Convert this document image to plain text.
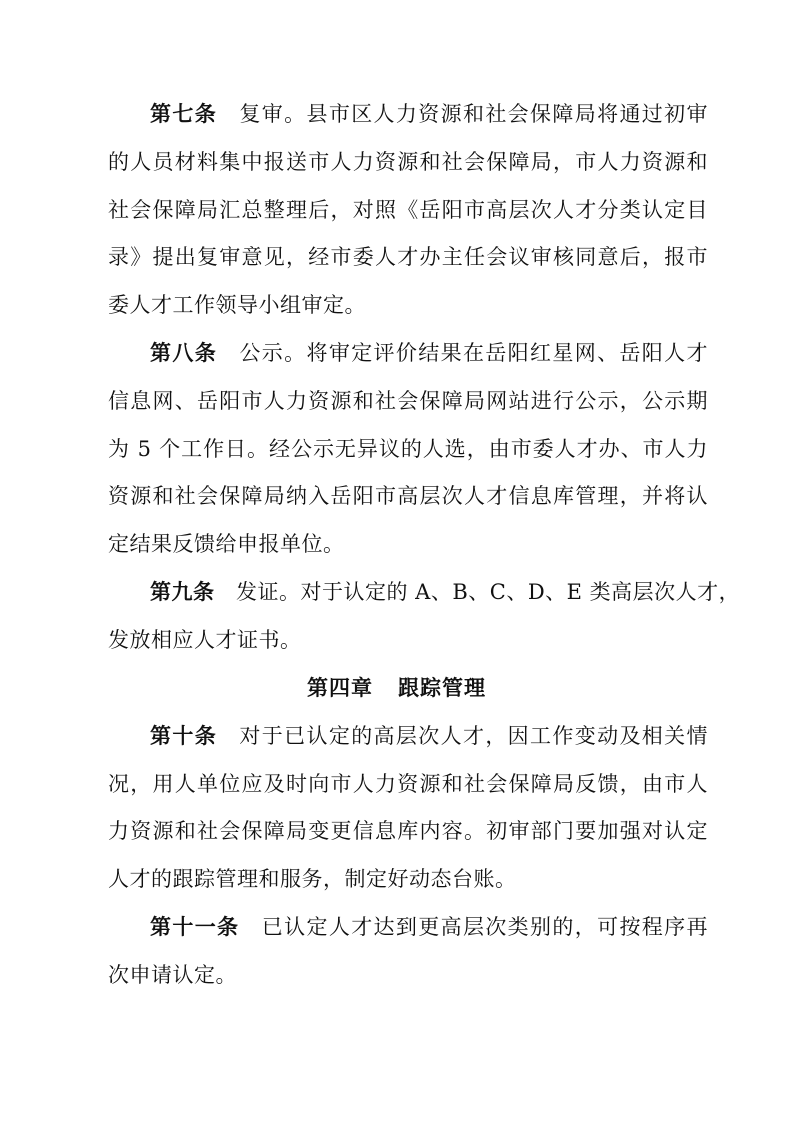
第七条　 复审。县市区人力资源和社会保障局将通过初审
的人员材料集中报送市人力资源和社会保障局，市人力资源和
社会保障局汇总整理后，对照《岳阳市高层次人才分类认定目
录》提出复审意见，经市委人才办主任会议审核同意后，报市
委人才工作领导小组审定。
第八条　 公示。将审定评价结果在岳阳红星网、岳阳人才
信息网、岳阳市人力资源和社会保障局网站进行公示，公示期
为 5 个工作日。经公示无异议的人选，由市委人才办、市人力
资源和社会保障局纳入岳阳市高层次人才信息库管理，并将认
定结果反馈给申报单位。
第九条　 发证。对于认定的 A、B、C、D、E 类高层次人才，
发放相应人才证书。
第四章 跟踪管理
第十条　 对于已认定的高层次人才，因工作变动及相关情
况，用人单位应及时向市人力资源和社会保障局反馈，由市人
力资源和社会保障局变更信息库内容。初审部门要加强对认定
人才的跟踪管理和服务，制定好动态台账。
第十一条　 已认定人才达到更高层次类别的，可按程序再
次申请认定。
